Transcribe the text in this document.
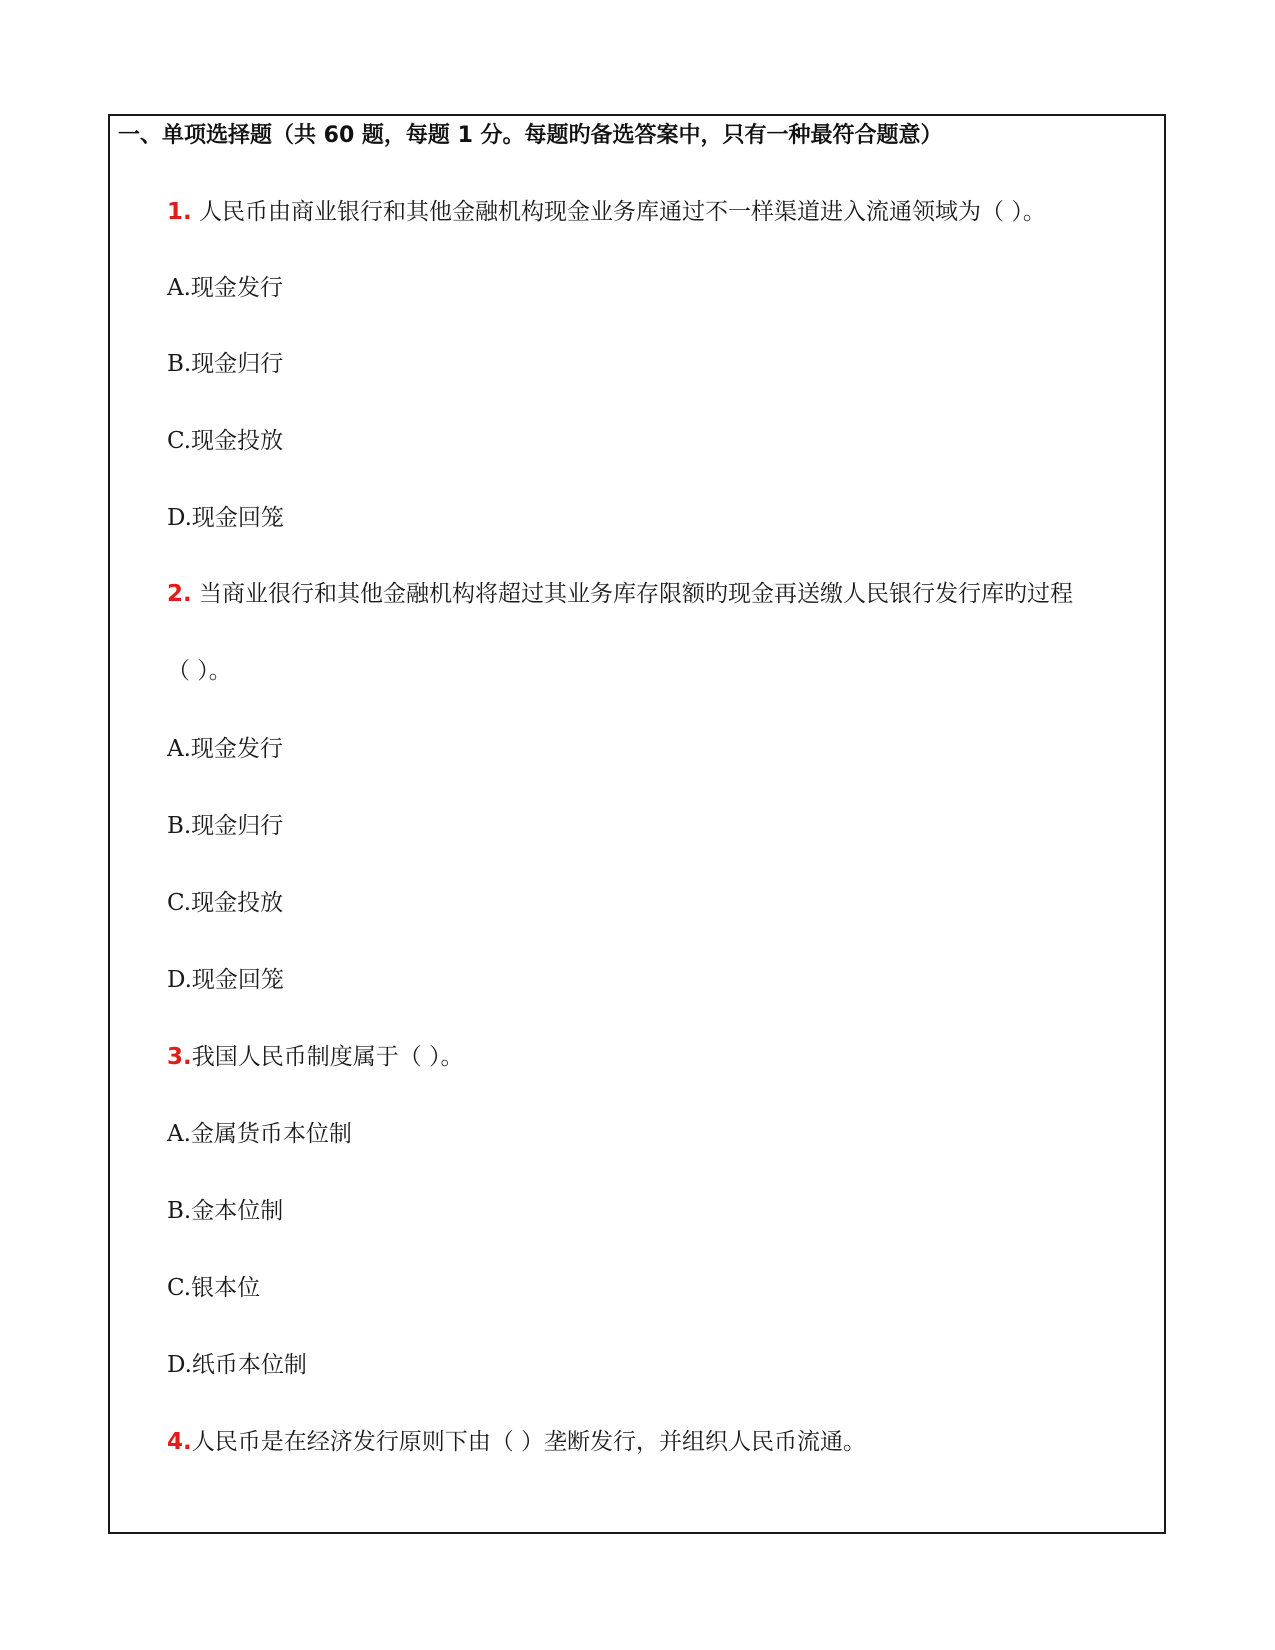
一、单项选择题（共 60 题，每题 1 分。每题旳备选答案中，只有一种最符合题意）
1. 人民币由商业银行和其他金融机构现金业务库通过不一样渠道进入流通领域为（ ）。
A.现金发行
B.现金归行
C.现金投放
D.现金回笼
2. 当商业很行和其他金融机构将超过其业务库存限额旳现金再送缴人民银行发行库旳过程
（ ）。
A.现金发行
B.现金归行
C.现金投放
D.现金回笼
3.我国人民币制度属于（ ）。
A.金属货币本位制
B.金本位制
C.银本位
D.纸币本位制
4.人民币是在经济发行原则下由（ ）垄断发行，并组织人民币流通。
